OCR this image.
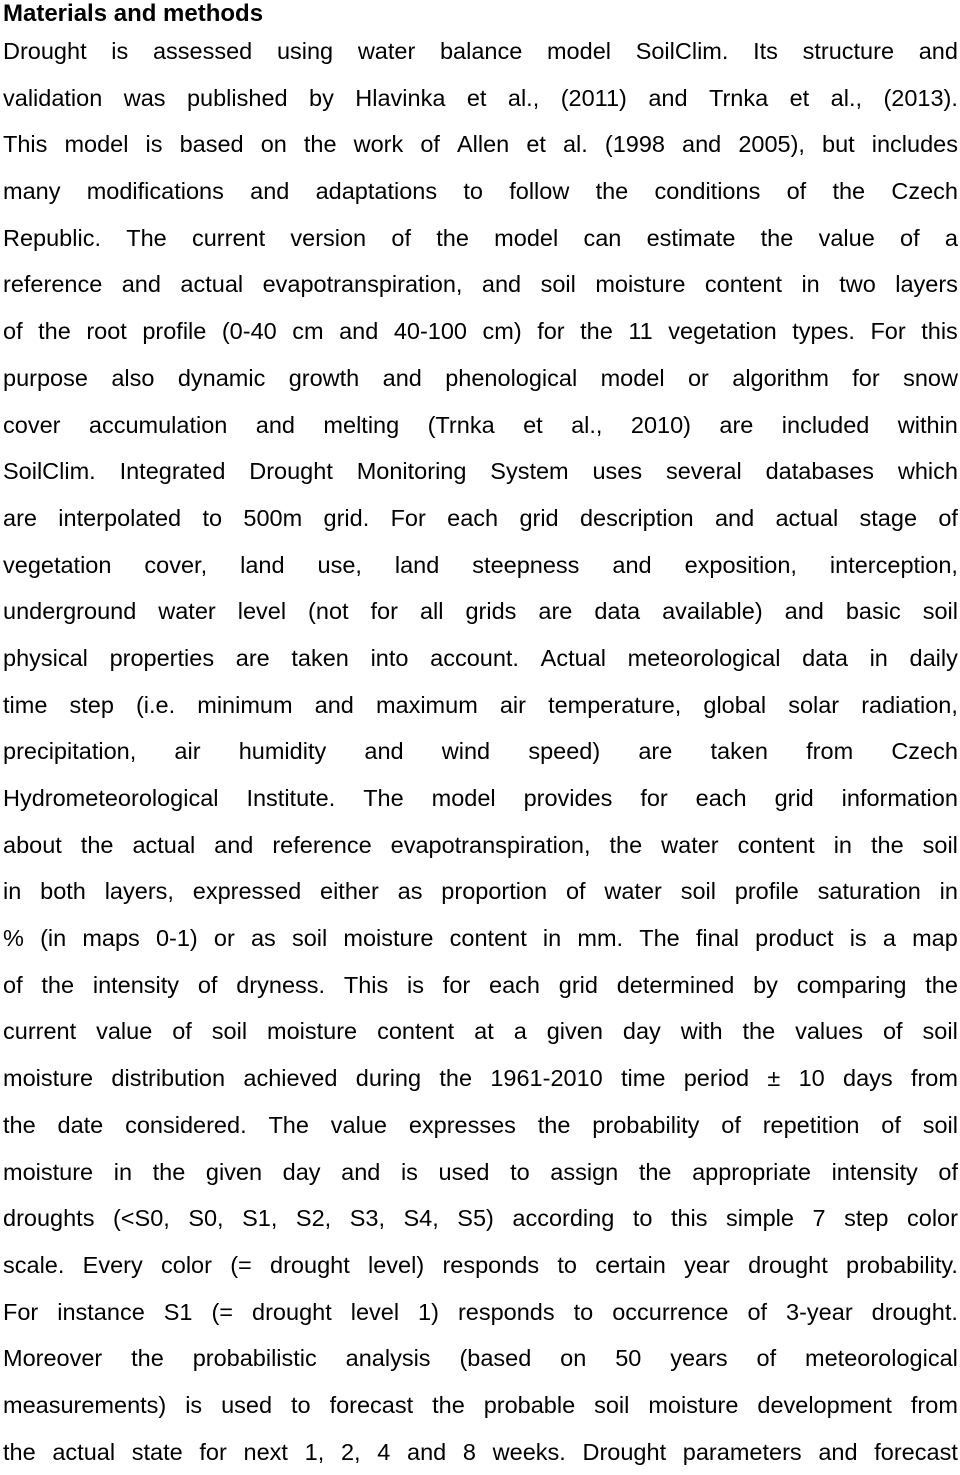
Materials and methods
Drought is assessed using water balance model SoilClim. Its structure and
validation was published by Hlavinka et al., (2011) and Trnka et al., (2013).
This model is based on the work of Allen et al. (1998 and 2005), but includes
many modifications and adaptations to follow the conditions of the Czech
Republic. The current version of the model can estimate the value of a
reference and actual evapotranspiration, and soil moisture content in two layers
of the root profile (0-40 cm and 40-100 cm) for the 11 vegetation types. For this
purpose also dynamic growth and phenological model or algorithm for snow
cover accumulation and melting (Trnka et al., 2010) are included within
SoilClim. Integrated Drought Monitoring System uses several databases which
are interpolated to 500m grid. For each grid description and actual stage of
vegetation cover, land use, land steepness and exposition, interception,
underground water level (not for all grids are data available) and basic soil
physical properties are taken into account. Actual meteorological data in daily
time step (i.e. minimum and maximum air temperature, global solar radiation,
precipitation, air humidity and wind speed) are taken from Czech
Hydrometeorological Institute. The model provides for each grid information
about the actual and reference evapotranspiration, the water content in the soil
in both layers, expressed either as proportion of water soil profile saturation in
% (in maps 0-1) or as soil moisture content in mm. The final product is a map
of the intensity of dryness. This is for each grid determined by comparing the
current value of soil moisture content at a given day with the values of soil
moisture distribution achieved during the 1961-2010 time period ± 10 days from
the date considered. The value expresses the probability of repetition of soil
moisture in the given day and is used to assign the appropriate intensity of
droughts (<S0, S0, S1, S2, S3, S4, S5) according to this simple 7 step color
scale. Every color (= drought level) responds to certain year drought probability.
For instance S1 (= drought level 1) responds to occurrence of 3-year drought.
Moreover the probabilistic analysis (based on 50 years of meteorological
measurements) is used to forecast the probable soil moisture development from
the actual state for next 1, 2, 4 and 8 weeks. Drought parameters and forecast
